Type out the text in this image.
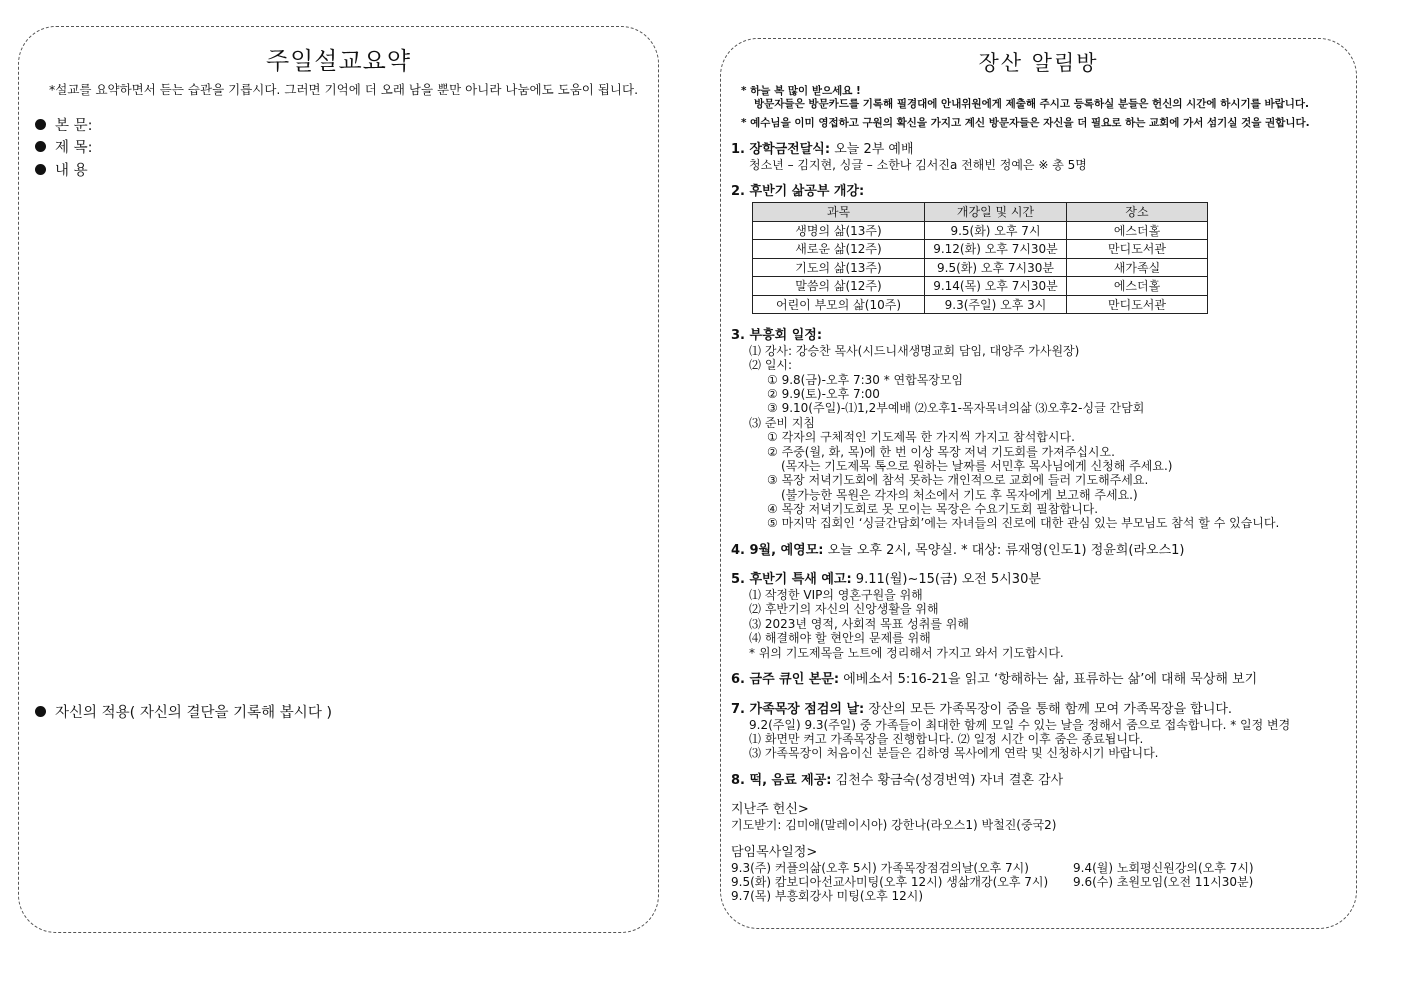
주일설교요약
*설교를 요약하면서 듣는 습관을 기릅시다. 그러면 기억에 더 오래 남을 뿐만 아니라 나눔에도 도움이 됩니다.
본 문:
제 목:
내 용
자신의 적용( 자신의 결단을 기록해 봅시다 )
장산 알림방
* 하늘 복 많이 받으세요 !
방문자들은 방문카드를 기록해 필경대에 안내위원에게 제출해 주시고 등록하실 분들은 헌신의 시간에 하시기를 바랍니다.
* 예수님을 이미 영접하고 구원의 확신을 가지고 계신 방문자들은 자신을 더 필요로 하는 교회에 가서 섬기실 것을 권합니다.
1. 장학금전달식: 오늘 2부 예배
청소년 – 김지현, 싱글 – 소한나 김서진a 전해빈 정예은 ※ 총 5명
2. 후반기 삶공부 개강:
과목	개강일 및 시간	장소
생명의 삶(13주)	9.5(화) 오후 7시	에스더홀
새로운 삶(12주)	9.12(화) 오후 7시30분	만디도서관
기도의 삶(13주)	9.5(화) 오후 7시30분	새가족실
말씀의 삶(12주)	9.14(목) 오후 7시30분	에스더홀
어린이 부모의 삶(10주)	9.3(주일) 오후 3시	만디도서관
3. 부흥회 일정:
⑴ 강사: 강승찬 목사(시드니새생명교회 담임, 대양주 가사원장)
⑵ 일시:
① 9.8(금)-오후 7:30 * 연합목장모임
② 9.9(토)-오후 7:00
③ 9.10(주일)-⑴1,2부예배 ⑵오후1-목자목녀의삶 ⑶오후2-싱글 간담회
⑶ 준비 지침
① 각자의 구체적인 기도제목 한 가지씩 가지고 참석합시다.
② 주중(월, 화, 목)에 한 번 이상 목장 저녁 기도회를 가져주십시오.
(목자는 기도제목 톡으로 원하는 날짜를 서민후 목사님에게 신청해 주세요.)
③ 목장 저녁기도회에 참석 못하는 개인적으로 교회에 들러 기도해주세요.
(불가능한 목원은 각자의 처소에서 기도 후 목자에게 보고해 주세요.)
④ 목장 저녁기도회로 못 모이는 목장은 수요기도회 필참합니다.
⑤ 마지막 집회인 ‘싱글간담회’에는 자녀들의 진로에 대한 관심 있는 부모님도 참석 할 수 있습니다.
4. 9월, 예영모: 오늘 오후 2시, 목양실. * 대상: 류재영(인도1) 정윤희(라오스1)
5. 후반기 특새 예고: 9.11(월)~15(금) 오전 5시30분
⑴ 작정한 VIP의 영혼구원을 위해
⑵ 후반기의 자신의 신앙생활을 위해
⑶ 2023년 영적, 사회적 목표 성취를 위해
⑷ 해결해야 할 현안의 문제를 위해
* 위의 기도제목을 노트에 정리해서 가지고 와서 기도합시다.
6. 금주 큐인 본문: 에베소서 5:16-21을 읽고 ‘항해하는 삶, 표류하는 삶’에 대해 묵상해 보기
7. 가족목장 점검의 날: 장산의 모든 가족목장이 줌을 통해 함께 모여 가족목장을 합니다.
9.2(주일) 9.3(주일) 중 가족들이 최대한 함께 모일 수 있는 날을 정해서 줌으로 접속합니다. * 일정 변경
⑴ 화면만 켜고 가족목장을 진행합니다. ⑵ 일정 시간 이후 줌은 종료됩니다.
⑶ 가족목장이 처음이신 분들은 김하영 목사에게 연락 및 신청하시기 바랍니다.
8. 떡, 음료 제공: 김천수 황금숙(성경번역) 자녀 결혼 감사
지난주 헌신>
기도받기: 김미애(말레이시아) 강한나(라오스1) 박철진(중국2)
담임목사일정>
9.3(주) 커플의삶(오후 5시) 가족목장점검의날(오후 7시)
9.5(화) 캄보디아선교사미팅(오후 12시) 생삶개강(오후 7시)
9.7(목) 부흥회강사 미팅(오후 12시)
9.4(월) 노회평신원강의(오후 7시)
9.6(수) 초원모임(오전 11시30분)
